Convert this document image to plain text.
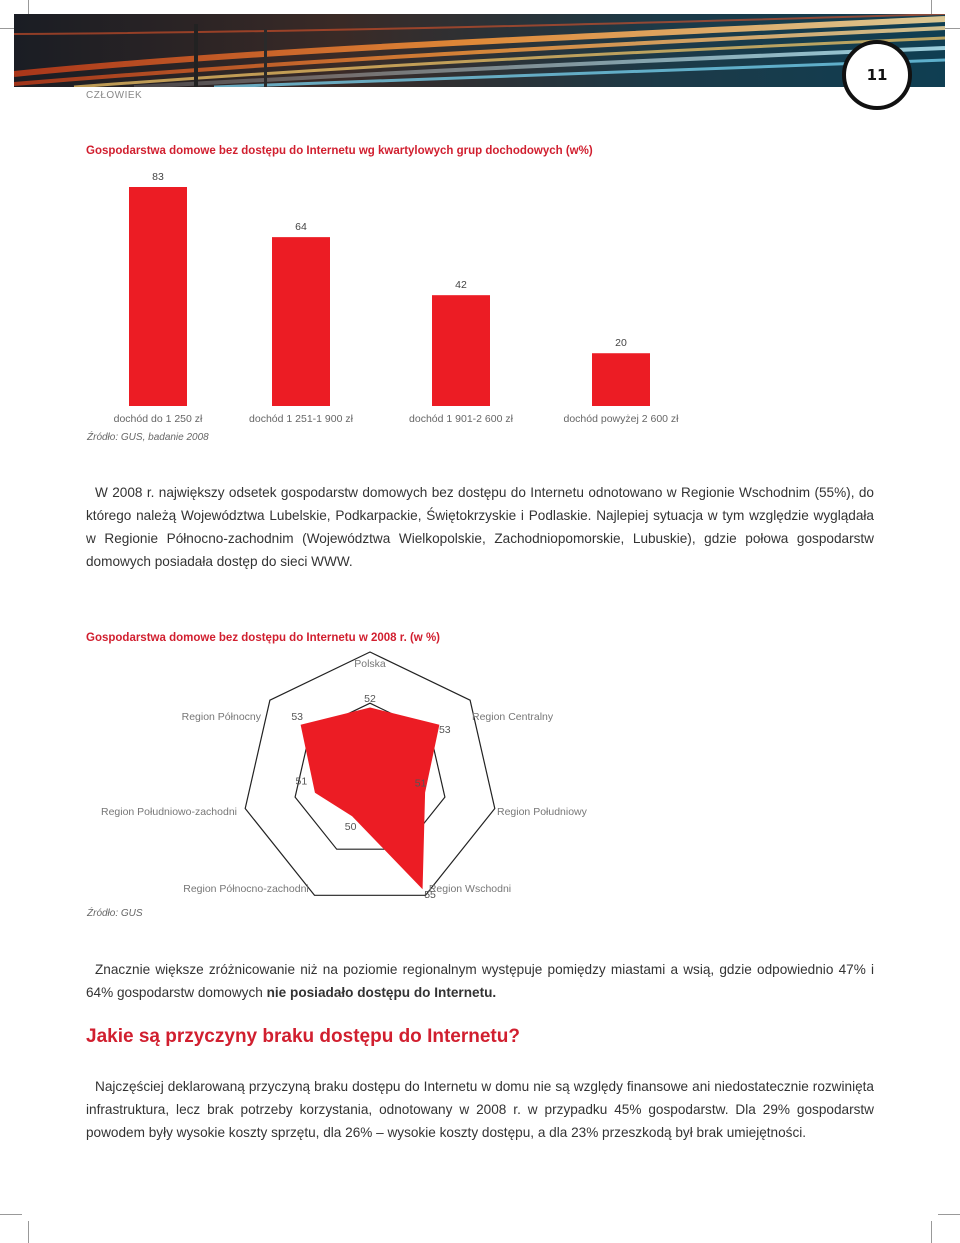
11
CZŁOWIEK
Gospodarstwa domowe bez dostępu do Internetu wg kwartylowych grup dochodowych (w%)
83
dochód do 1 250 zł
64
dochód 1 251-1 900 zł
42
dochód 1 901-2 600 zł
20
dochód powyżej 2 600 zł
Źródło: GUS, badanie 2008
W 2008 r. największy odsetek gospodarstw domowych bez dostępu do Internetu odnotowano w Regionie Wschodnim (55%), do którego należą Województwa Lubelskie, Podkarpackie, Świętokrzyskie i Podlaskie. Najlepiej sytuacja w tym względzie wyglądała w Regionie Północno-zachodnim (Województwa Wielkopolskie, Zachodniopomorskie, Lubuskie), gdzie połowa gospodarstw domowych posiadała dostęp do sieci WWW.
Gospodarstwa domowe bez dostępu do Internetu w 2008 r. (w %)
52
53
51
55
50
51
53
Polska
Region Centralny
Region Południowy
Region Wschodni
Region Północno-zachodni
Region Południowo-zachodni
Region Północny
Źródło: GUS
Znacznie większe zróżnicowanie niż na poziomie regionalnym występuje pomiędzy miastami a wsią, gdzie odpowiednio 47% i 64% gospodarstw domowych nie posiadało dostępu do Internetu.
Jakie są przyczyny braku dostępu do Internetu?
Najczęściej deklarowaną przyczyną braku dostępu do Internetu w domu nie są względy finansowe ani niedostatecznie rozwinięta infrastruktura, lecz brak potrzeby korzystania, odnotowany w 2008 r. w przypadku 45% gospodarstw. Dla 29% gospodarstw powodem były wysokie koszty sprzętu, dla 26% – wysokie koszty dostępu, a dla 23% przeszkodą był brak umiejętności.
